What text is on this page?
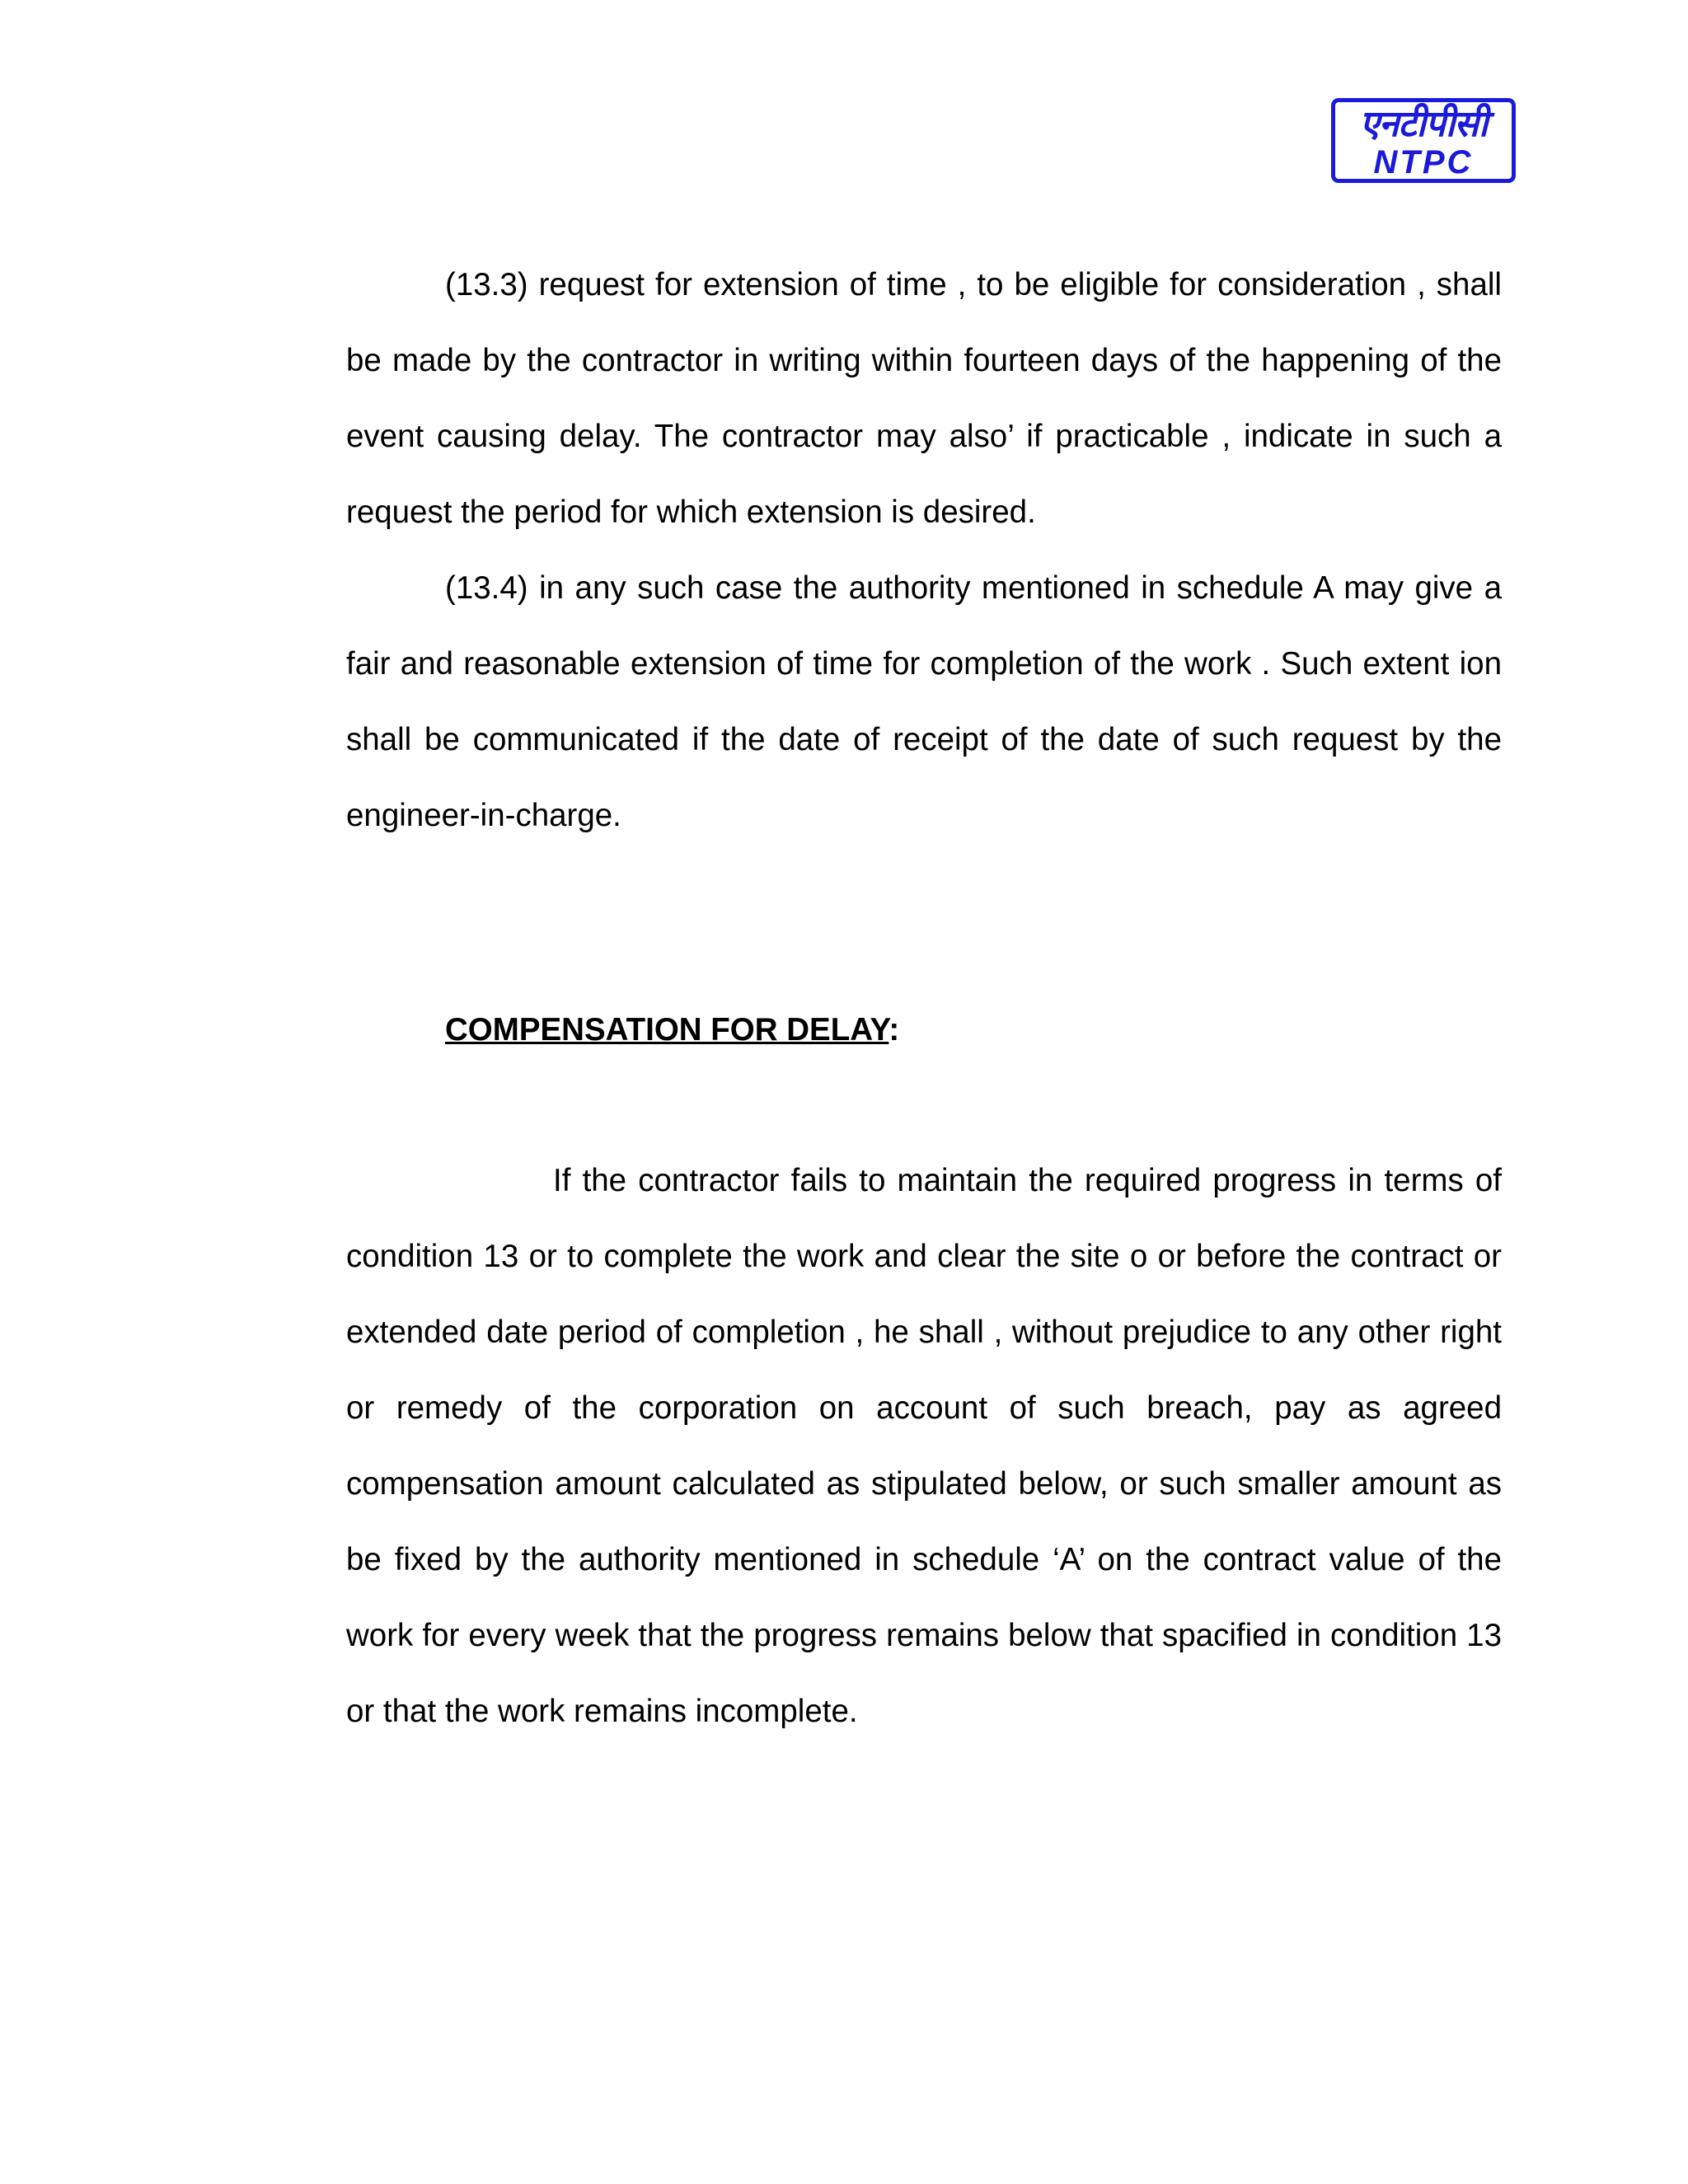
एनटीपीसी
NTPC

(13.3) request for extension of time , to be eligible for consideration , shall be made by the contractor in writing within fourteen days of the happening of the event causing delay. The contractor may also’ if practicable , indicate in such a request the period for which extension is desired.

(13.4) in any such case the authority mentioned in schedule A may give a fair and reasonable extension of time for completion of the work . Such extent ion shall be communicated if the date of receipt of the date of such request by the engineer-in-charge.

COMPENSATION FOR DELAY:

If the contractor fails to maintain the required progress in terms of condition 13 or to complete the work and clear the site o or before the contract or extended date period of completion , he shall , without prejudice to any other right or remedy of the corporation on account of such breach, pay as agreed compensation amount calculated as stipulated below, or such smaller amount as be fixed by the authority mentioned in schedule ‘A’ on the contract value of the work for every week that the progress remains below that spacified in condition 13 or that the work remains incomplete.
